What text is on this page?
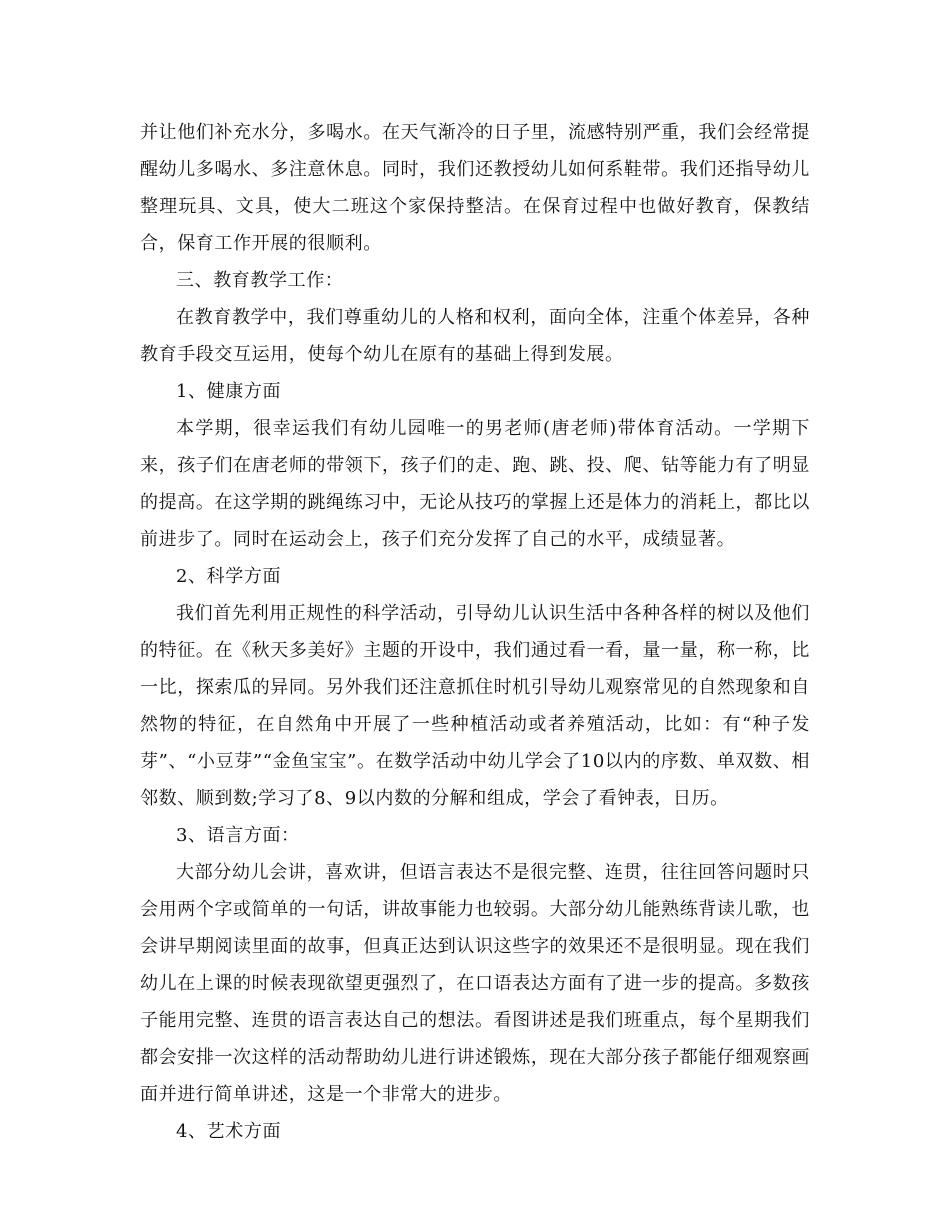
并让他们补充水分，多喝水。在天气渐冷的日子里，流感特别严重，我们会经常提醒幼儿多喝水、多注意休息。同时，我们还教授幼儿如何系鞋带。我们还指导幼儿整理玩具、文具，使大二班这个家保持整洁。在保育过程中也做好教育，保教结合，保育工作开展的很顺利。

三、教育教学工作：

在教育教学中，我们尊重幼儿的人格和权利，面向全体，注重个体差异，各种教育手段交互运用，使每个幼儿在原有的基础上得到发展。

1、健康方面

本学期，很幸运我们有幼儿园唯一的男老师(唐老师)带体育活动。一学期下来，孩子们在唐老师的带领下，孩子们的走、跑、跳、投、爬、钻等能力有了明显的提高。在这学期的跳绳练习中，无论从技巧的掌握上还是体力的消耗上，都比以前进步了。同时在运动会上，孩子们充分发挥了自己的水平，成绩显著。

2、科学方面

我们首先利用正规性的科学活动，引导幼儿认识生活中各种各样的树以及他们的特征。在《秋天多美好》主题的开设中，我们通过看一看，量一量，称一称，比一比，探索瓜的异同。另外我们还注意抓住时机引导幼儿观察常见的自然现象和自然物的特征，在自然角中开展了一些种植活动或者养殖活动，比如：有“种子发芽”、“小豆芽”“金鱼宝宝”。在数学活动中幼儿学会了10以内的序数、单双数、相邻数、顺到数;学习了8、9以内数的分解和组成，学会了看钟表，日历。

3、语言方面：

大部分幼儿会讲，喜欢讲，但语言表达不是很完整、连贯，往往回答问题时只会用两个字或简单的一句话，讲故事能力也较弱。大部分幼儿能熟练背读儿歌，也会讲早期阅读里面的故事，但真正达到认识这些字的效果还不是很明显。现在我们幼儿在上课的时候表现欲望更强烈了，在口语表达方面有了进一步的提高。多数孩子能用完整、连贯的语言表达自己的想法。看图讲述是我们班重点，每个星期我们都会安排一次这样的活动帮助幼儿进行讲述锻炼，现在大部分孩子都能仔细观察画面并进行简单讲述，这是一个非常大的进步。

4、艺术方面
